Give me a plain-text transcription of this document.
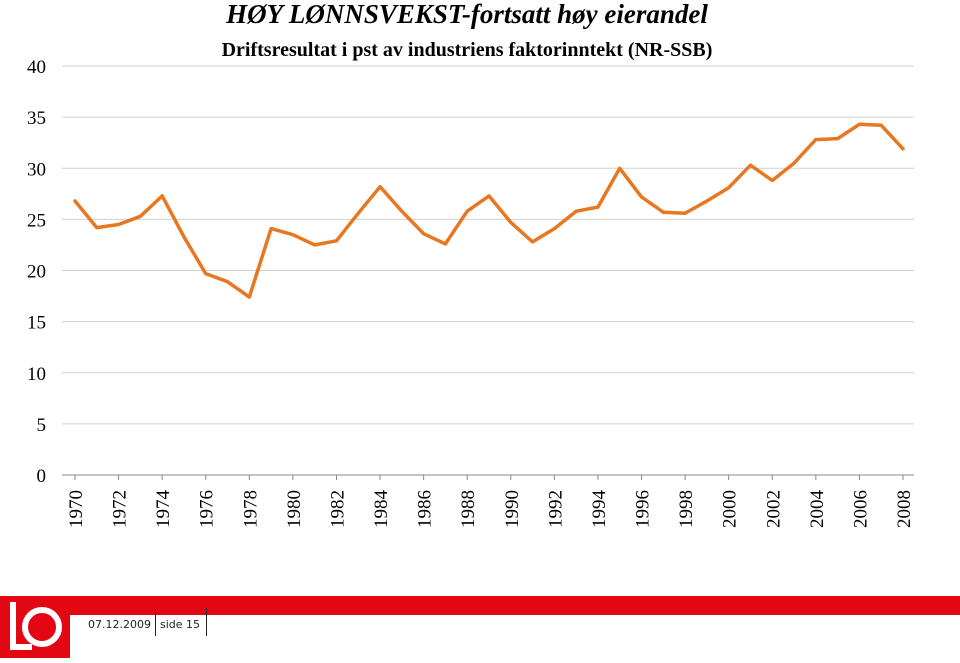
HØY LØNNSVEKST-fortsatt høy eierandel
Driftsresultat i pst av industriens faktorinntekt (NR-SSB)
0
5
10
15
20
25
30
35
40
1970 1972 1974 1976 1978 1980 1982 1984 1986 1988 1990 1992 1994 1996 1998 2000 2002 2004 2006 2008
07.12.2009 side 15
